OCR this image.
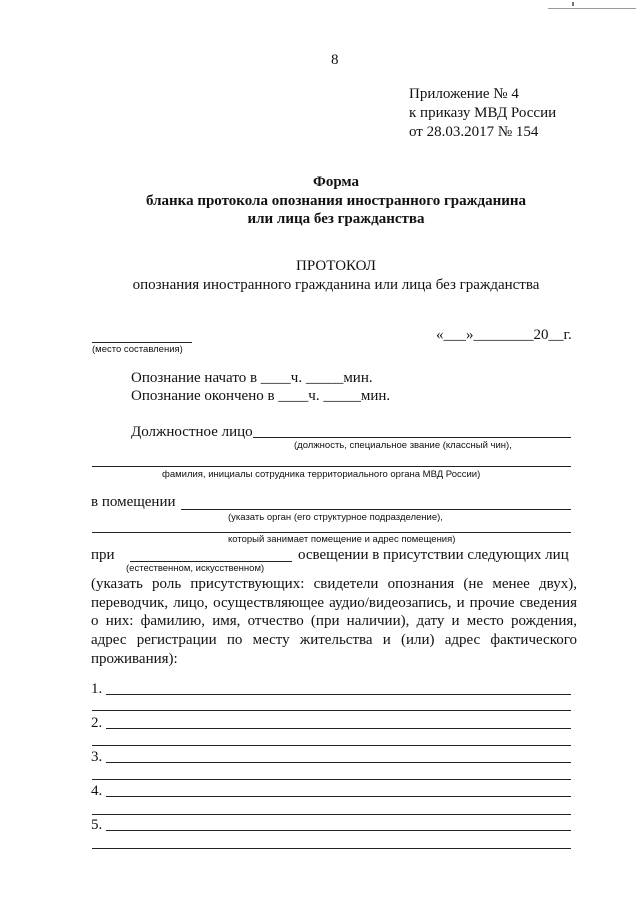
8
Приложение № 4
к приказу МВД России
от 28.03.2017 № 154
Форма
бланка протокола опознания иностранного гражданина
или лица без гражданства
ПРОТОКОЛ
опознания иностранного гражданина или лица без гражданства
(место составления)
«___»________20__г.
Опознание начато в ____ч. _____мин.
Опознание окончено в ____ч. _____мин.
Должностное лицо
(должность, специальное звание (классный чин),
фамилия, инициалы сотрудника территориального органа МВД России)
в помещении
(указать орган (его структурное подразделение),
который занимает помещение и адрес помещения)
при	освещении в присутствии следующих лиц
(естественном, искусственном)
(указать роль присутствующих: свидетели опознания (не менее двух), переводчик, лицо, осуществляющее аудио/видеозапись, и прочие сведения о них: фамилию, имя, отчество (при наличии), дату и место рождения, адрес регистрации по месту жительства и (или) адрес фактического проживания):
1.
2.
3.
4.
5.
